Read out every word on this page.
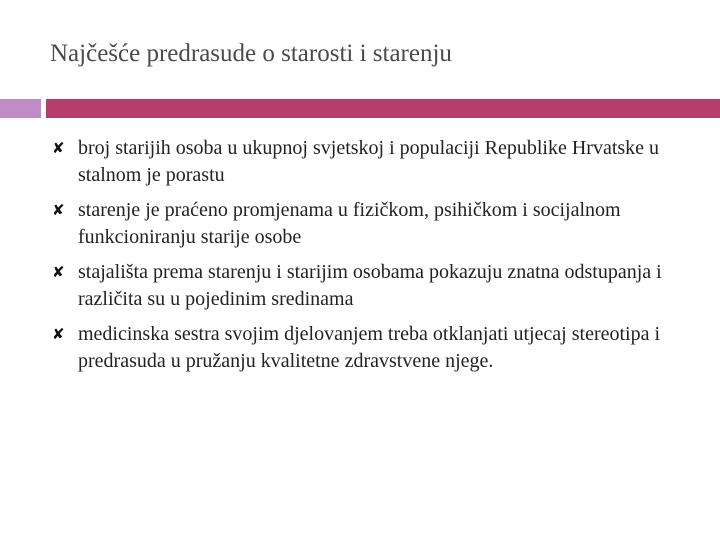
Najčešće predrasude o starosti i starenju
✘ broj starijih osoba u ukupnoj svjetskoj i populaciji Republike Hrvatske u stalnom je porastu
✘ starenje je praćeno promjenama u fizičkom, psihičkom i socijalnom funkcioniranju starije osobe
✘ stajališta prema starenju i starijim osobama pokazuju znatna odstupanja i različita su u pojedinim sredinama
✘ medicinska sestra svojim djelovanjem treba otklanjati utjecaj stereotipa i predrasuda u pružanju kvalitetne zdravstvene njege.
